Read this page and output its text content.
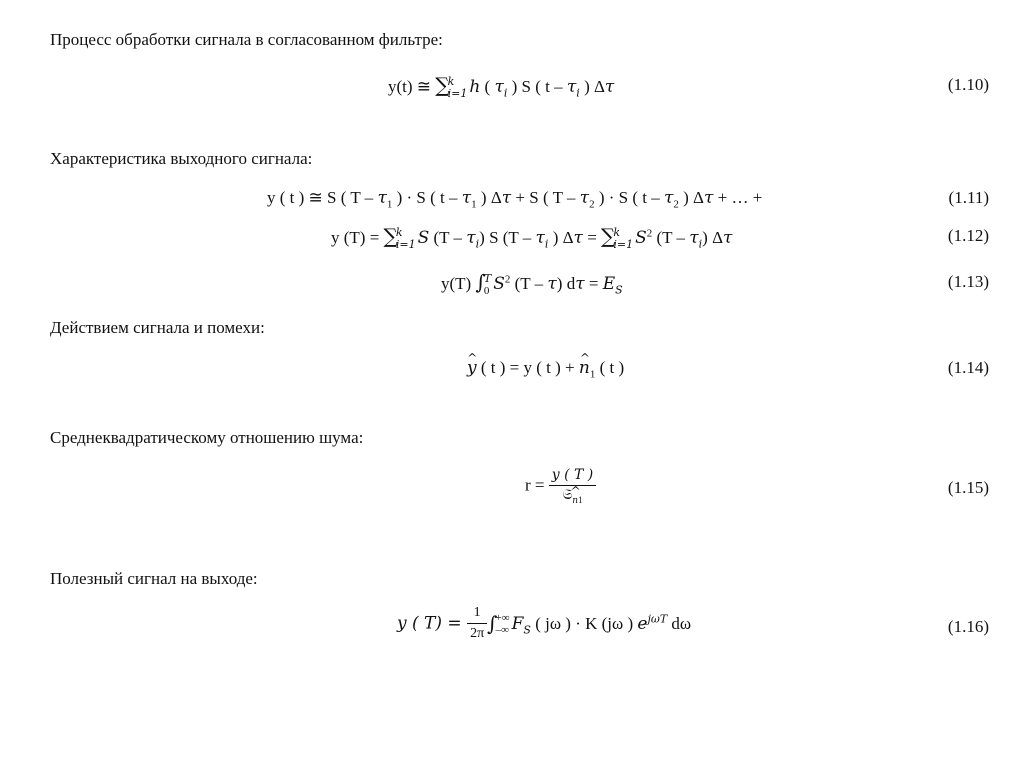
Процесс обработки сигнала в согласованном фильтре:
y(t) ≅ ∑
k
i=1 h ( $\tau_i$ ) S ( t – $\tau_i$ ) Δτ	(1.10)
Характеристика выходного сигнала:
y ( t ) ≅ S ( T – $\tau_1$ ) · S ( t – $\tau_1$ ) Δτ + S ( T – $\tau_2$ ) · S ( t – $\tau_2$ ) Δτ + … +	(1.11)
y (T) = ∑
k
i=1 S $(T - \tau_i)$ S ($T - \tau_i$ ) Δτ = ∑
k
i=1 $S^2$ $(T - \tau_i)$ Δτ	(1.12)
y(T) ∫
T
0 $S^2$ (T – τ) $d\tau = E_S$	(1.13)
Действием сигнала и помехи:
^ y ( t ) = y ( t ) + ^ $n_1$ ( t )	(1.14)
Среднеквадратическому отношению шума:
$r = \frac{y ( T )}{𝔖_{n1}}$	(1.15)
Полезный сигнал на выходе:
y ( $T) = \frac{1}{2\pi}$ ∫
+∞
–∞ $F_S$ ( jω ) · K (jω ) $e^{j\omega T}$ dω	(1.16)
